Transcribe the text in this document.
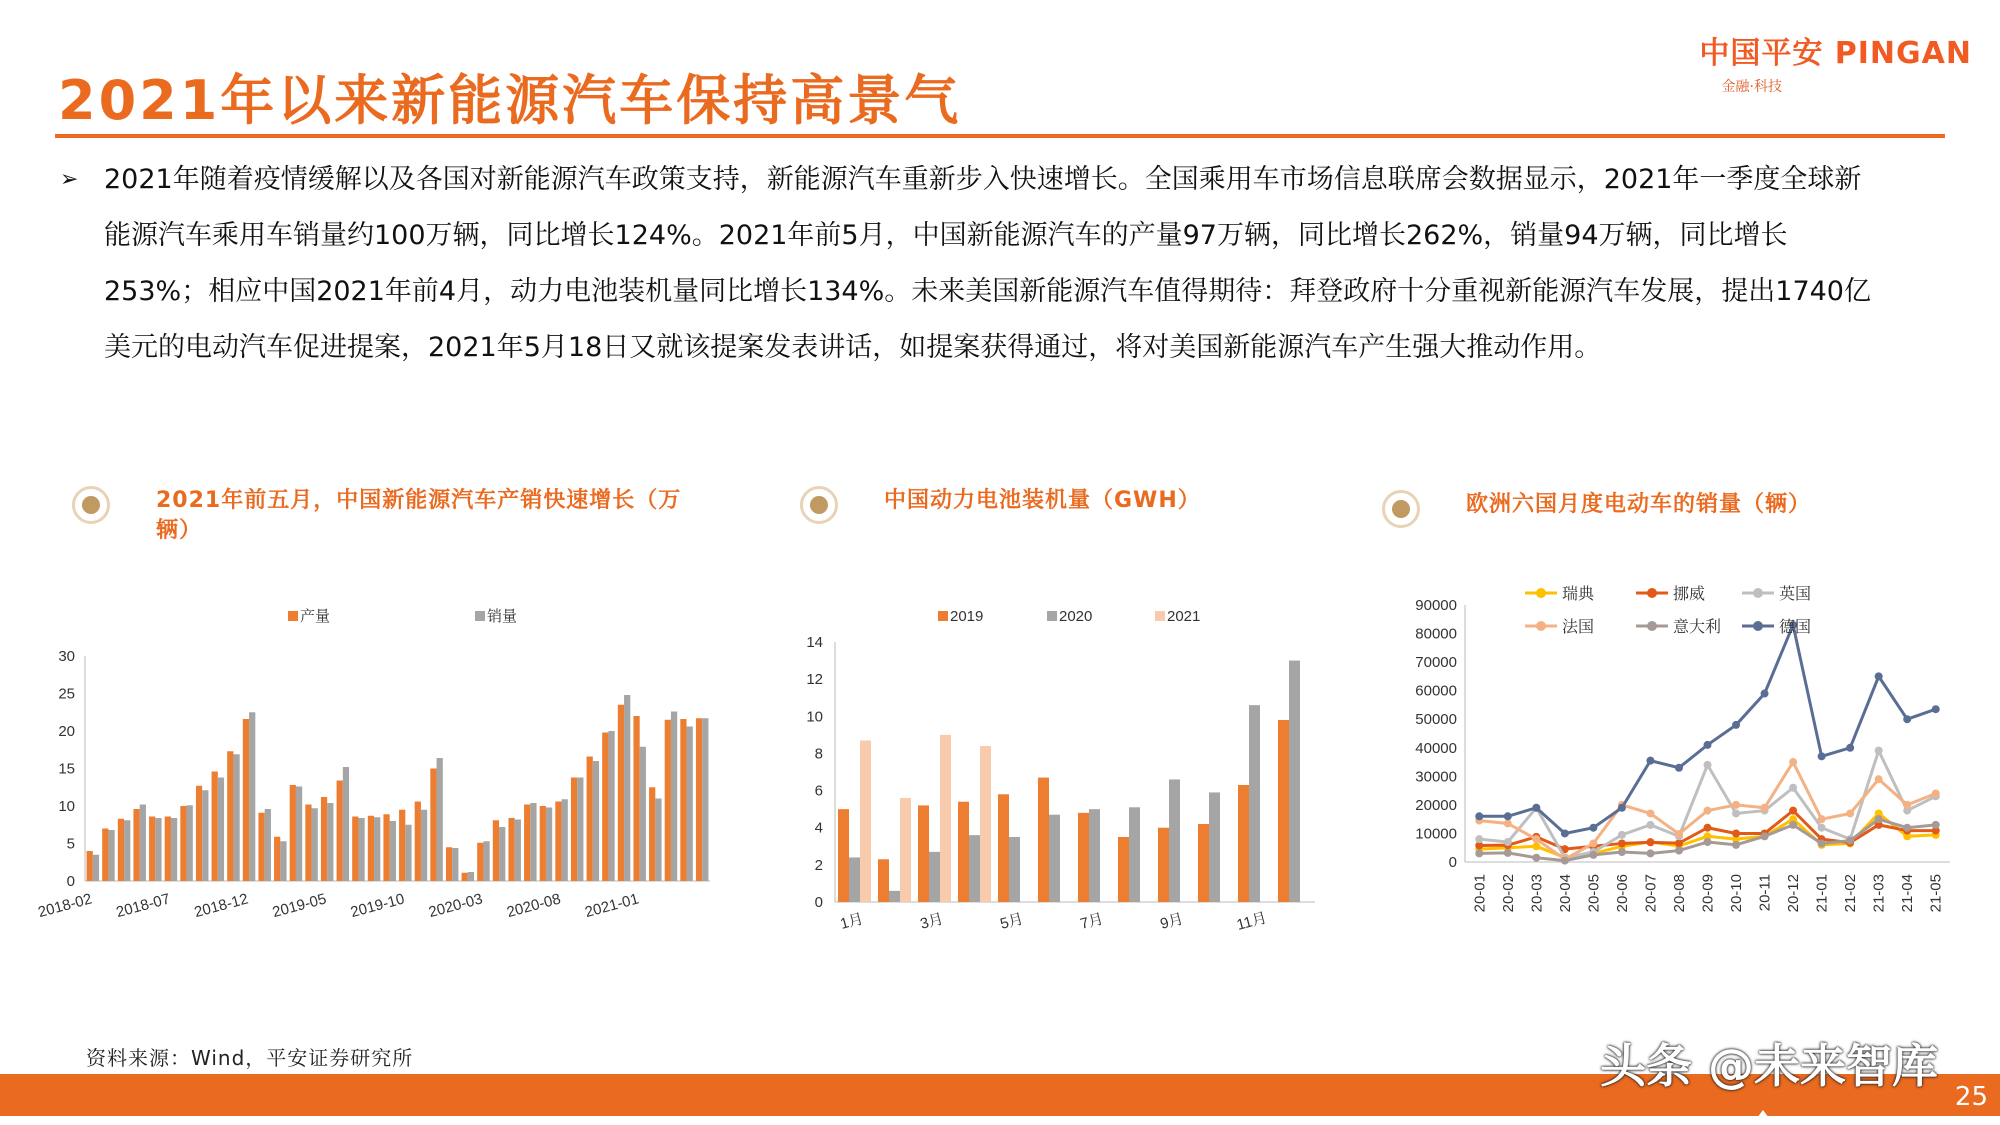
2021年以来新能源汽车保持高景气
中国平安 PINGAN
金融·科技
➢ 2021年随着疫情缓解以及各国对新能源汽车政策支持，新能源汽车重新步入快速增长。全国乘用车市场信息联席会数据显示，2021年一季度全球新能源汽车乘用车销量约100万辆，同比增长124%。2021年前5月，中国新能源汽车的产量97万辆，同比增长262%，销量94万辆，同比增长253%；相应中国2021年前4月，动力电池装机量同比增长134%。未来美国新能源汽车值得期待：拜登政府十分重视新能源汽车发展，提出1740亿美元的电动汽车促进提案，2021年5月18日又就该提案发表讲话，如提案获得通过，将对美国新能源汽车产生强大推动作用。
2021年前五月，中国新能源汽车产销快速增长（万辆）
中国动力电池装机量（GWH）	欧洲六国月度电动车的销量（辆）
0
5
10
15
20
25
30
2018-02 2018-07 2018-12 2019-05 2019-10 2020-03 2020-08 2021-01
产量	销量
0
2
4
6
8
10
12
14
1月	3月	5月	7月	9月	11月
2019	2020	2021
0
10000
20000
30000
40000
50000
60000
70000
80000
90000
20-01 20-02 20-03 20-04 20-05 20-06 20-07 20-08 20-09 20-10 20-11 20-12 21-01 21-02 21-03 21-04 21-05
瑞典	挪威	英国
法国	意大利	德国
资料来源：Wind，平安证券研究所	头条 @未来智库
25
